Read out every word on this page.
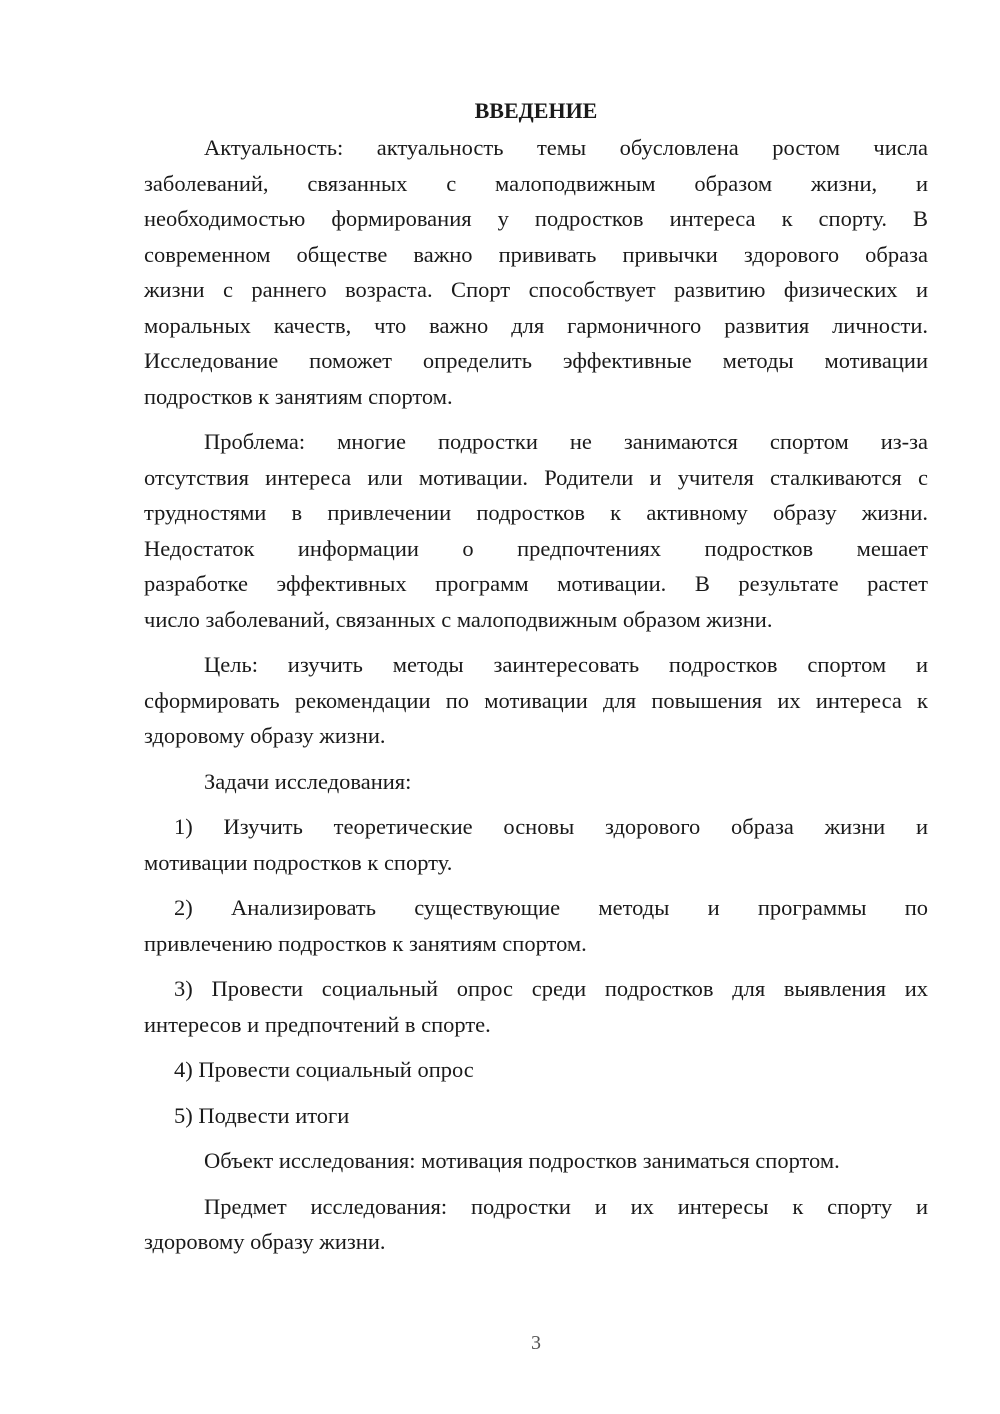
ВВЕДЕНИЕ
Актуальность: актуальность темы обусловлена ростом числа
заболеваний, связанных с малоподвижным образом жизни, и
необходимостью формирования у подростков интереса к спорту. В
современном обществе важно прививать привычки здорового образа
жизни с раннего возраста. Спорт способствует развитию физических и
моральных качеств, что важно для гармоничного развития личности.
Исследование поможет определить эффективные методы мотивации
подростков к занятиям спортом.
Проблема: многие подростки не занимаются спортом из-за
отсутствия интереса или мотивации. Родители и учителя сталкиваются с
трудностями в привлечении подростков к активному образу жизни.
Недостаток информации о предпочтениях подростков мешает
разработке эффективных программ мотивации. В результате растет
число заболеваний, связанных с малоподвижным образом жизни.
Цель: изучить методы заинтересовать подростков спортом и
сформировать рекомендации по мотивации для повышения их интереса к
здоровому образу жизни.
Задачи исследования:
1) Изучить теоретические основы здорового образа жизни и
мотивации подростков к спорту.
2) Анализировать существующие методы и программы по
привлечению подростков к занятиям спортом.
3) Провести социальный опрос среди подростков для выявления их
интересов и предпочтений в спорте.
4) Провести социальный опрос
5) Подвести итоги
Объект исследования: мотивация подростков заниматься спортом.
Предмет исследования: подростки и их интересы к спорту и
здоровому образу жизни.
3
